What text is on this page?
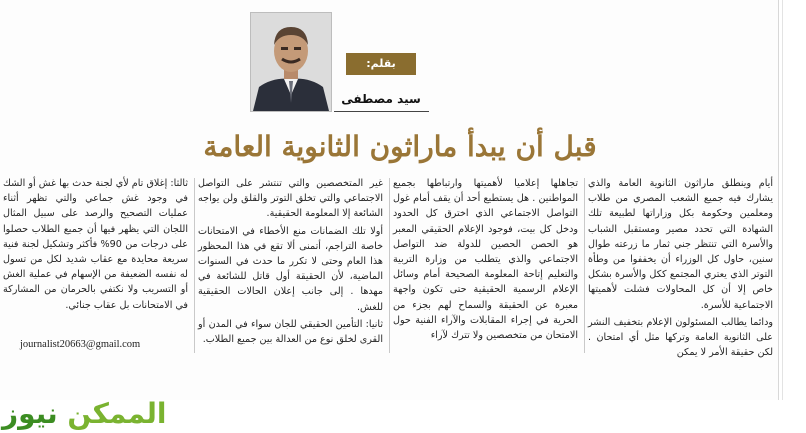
بقلم:
سيد مصطفى
قبل أن يبدأ ماراثون الثانوية العامة

أيام وينطلق ماراثون الثانوية العامة والذي يشارك فيه جميع الشعب المصري من طلاب ومعلمين وحكومة بكل وزاراتها لطبيعة تلك الشهادة التي تحدد مصير ومستقبل الشباب والأسرة التي تنتظر جني ثمار ما زرعته طوال سنين، حاول كل الوزراء أن يخففوا من وطأة التوتر الذي يعتري المجتمع ككل والأسرة بشكل خاص إلا أن كل المحاولات فشلت لأهميتها الاجتماعية للأسرة.

ودائما يطالب المسئولون الإعلام بتخفيف النشر على الثانوية العامة وتركها مثل أي امتحان . لكن حقيقة الأمر لا يمكن

تجاهلها إعلاميا لأهميتها وارتباطها بجميع المواطنين . هل يستطيع أحد أن يقف أمام غول التواصل الاجتماعي الذي اخترق كل الحدود ودخل كل بيت، فوجود الإعلام الحقيقي المعبر هو الحصن الحصين للدولة ضد التواصل الاجتماعي والذي يتطلب من وزارة التربية والتعليم إتاحة المعلومة الصحيحة أمام وسائل الإعلام الرسمية الحقيقية حتى تكون واجهة معبرة عن الحقيقة والسماح لهم بجزء من الحرية في إجراء المقابلات والآراء الفنية حول الامتحان من متخصصين ولا تترك لآراء

غير المتخصصين والتي تنتشر على التواصل الاجتماعي والتي تخلق التوتر والقلق ولن يواجه الشائعة إلا المعلومة الحقيقية.

أولا تلك الضمانات منع الأخطاء في الامتحانات خاصة التراجم، أتمنى ألا تقع في هذا المحظور هذا العام وحتى لا تكرر ما حدث في السنوات الماضية، لأن الحقيقة أول قاتل للشائعة في مهدها . إلى جانب إعلان الحالات الحقيقية للغش.

ثانيا: التأمين الحقيقي للجان سواء في المدن أو القرى لخلق نوع من العدالة بين جميع الطلاب.

ثالثا: إغلاق تام لأي لجنة حدث بها غش أو الشك في وجود غش جماعي والتي تظهر أثناء عمليات التصحيح والرصد على سبيل المثال اللجان التي يظهر فيها أن جميع الطلاب حصلوا على درجات من 90% فأكثر وتشكيل لجنة فنية سريعة محايدة مع عقاب شديد لكل من تسول له نفسه الضعيفة من الإسهام في عملية الغش أو التسريب ولا نكتفي بالحرمان من المشاركة في الامتحانات بل عقاب جنائي.

journalist20663@gmail.com
الممكن نيوز
